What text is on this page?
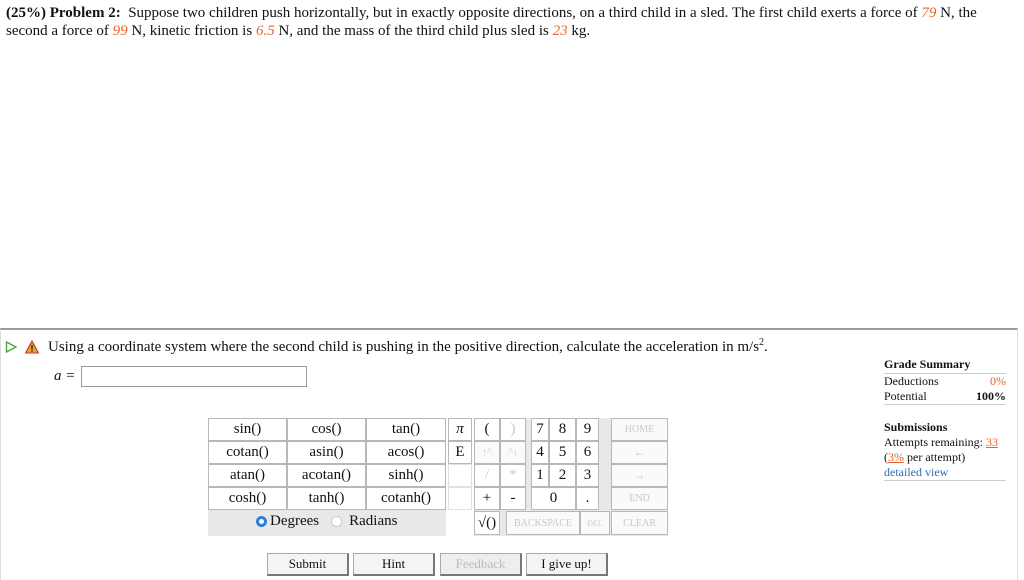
(25%) Problem 2: Suppose two children push horizontally, but in exactly opposite directions, on a third child in a sled. The first child exerts a force of 79 N, the second a force of 99 N, kinetic friction is 6.5 N, and the mass of the third child plus sled is 23 kg.
Using a coordinate system where the second child is pushing in the positive direction, calculate the acceleration in $m/s^2$.
a =
sin()	cos()	tan()
cotan()	asin()	acos()
atan()	acotan()	sinh()
cosh()	tanh()	cotanh()
Degrees Radians
π
E
(	)
↑^	^↓
/	*
+	-
√()
7	8	9
4	5	6
1	2	3
0	.
BACKSPACE	DEL
HOME
←
→
END
CLEAR
Submit	Hint	Feedback	I give up!
Grade Summary
Deductions	0%
Potential	100%
Submissions
Attempts remaining: 33
(3% per attempt)
detailed view
